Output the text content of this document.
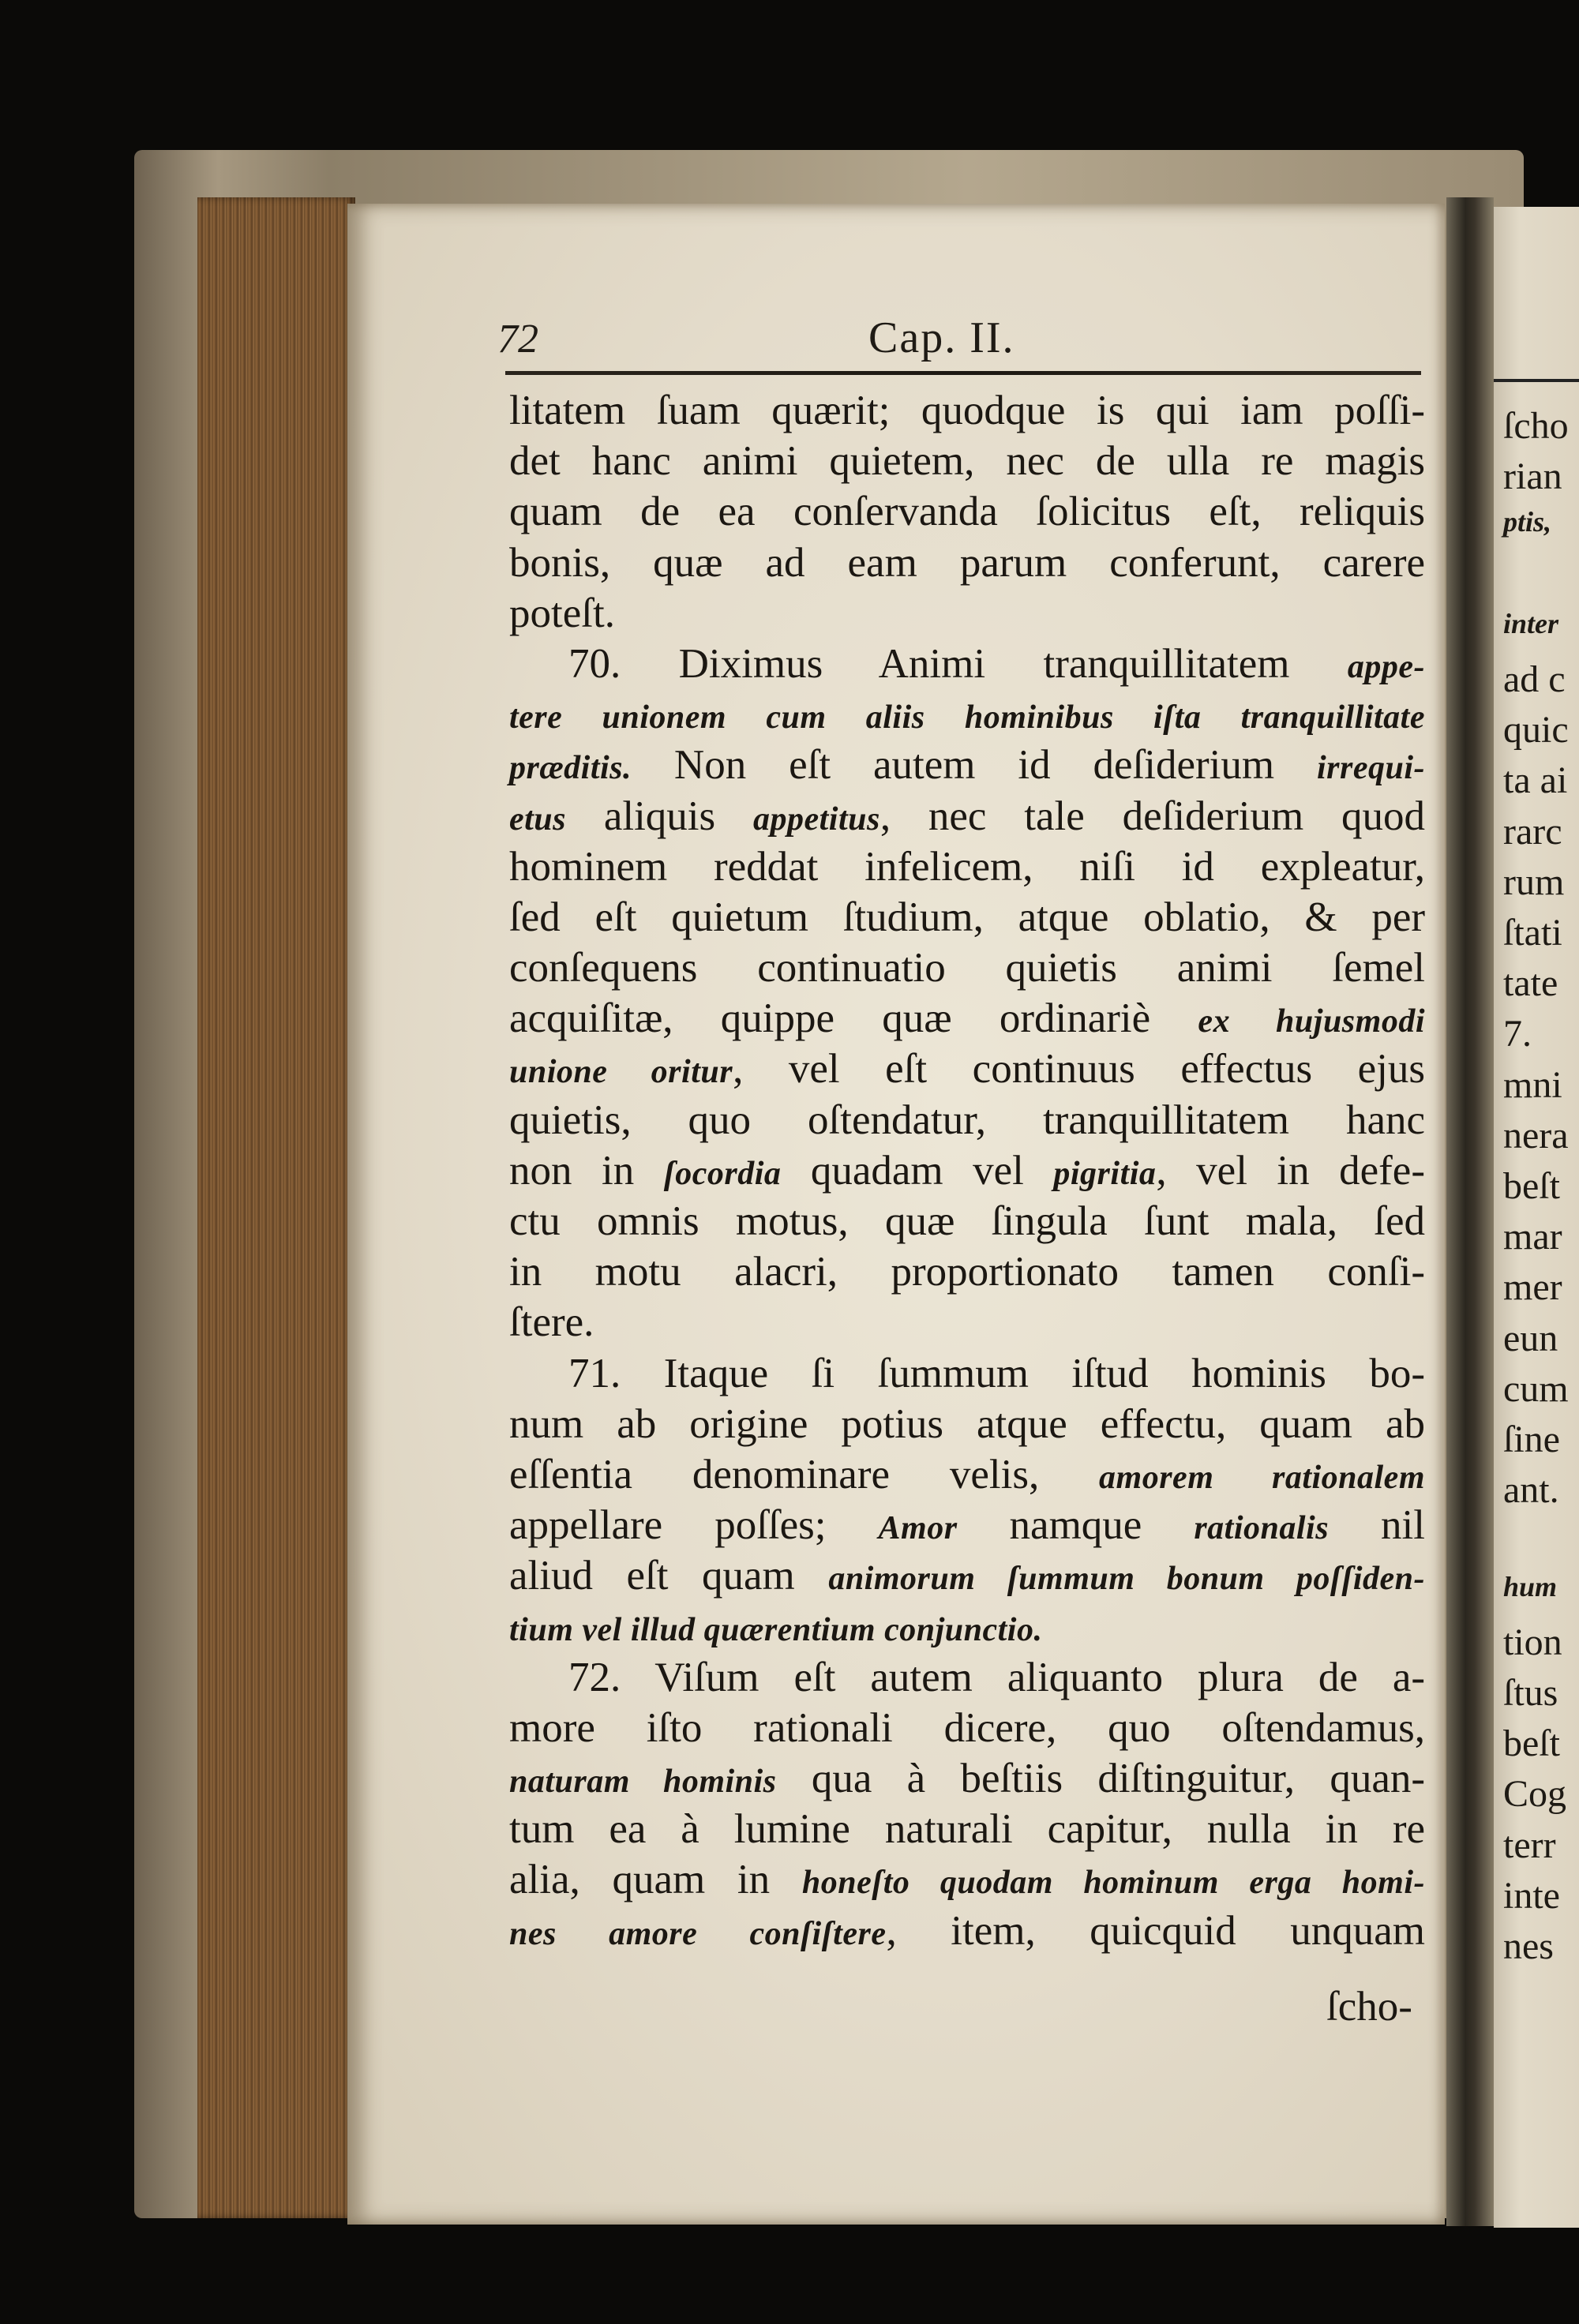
ſcho
rian
ptis,
inter
ad c
quic
ta ai
rarc
rum
ſtati
tate
7.
mni
nera
beſt
mar
mer
eun
cum
ſine
ant.
hum
tion
ſtus
beſt
Cog
terr
inte
nes
72	Cap. II.
litatem ſuam quærit; quodque is qui iam poſſi-
det hanc animi quietem, nec de ulla re magis
quam de ea conſervanda ſolicitus eſt, reliquis
bonis, quæ ad eam parum conferunt, carere
poteſt.
70. Diximus Animi tranquillitatem appe-
tere unionem cum aliis hominibus iſta tranquillitate
præditis. Non eſt autem id deſiderium irrequi-
etus aliquis appetitus, nec tale deſiderium quod
hominem reddat infelicem, niſi id expleatur,
ſed eſt quietum ſtudium, atque oblatio, & per
conſequens continuatio quietis animi ſemel
acquiſitæ, quippe quæ ordinariè ex hujusmodi
unione oritur, vel eſt continuus effectus ejus
quietis, quo oſtendatur, tranquillitatem hanc
non in ſocordia quadam vel pigritia, vel in defe-
ctu omnis motus, quæ ſingula ſunt mala, ſed
in motu alacri, proportionato tamen conſi-
ſtere.
71. Itaque ſi ſummum iſtud hominis bo-
num ab origine potius atque effectu, quam ab
eſſentia denominare velis, amorem rationalem
appellare poſſes; Amor namque rationalis nil
aliud eſt quam animorum ſummum bonum poſſiden-
tium vel illud quærentium conjunctio.
72. Viſum eſt autem aliquanto plura de a-
more iſto rationali dicere, quo oſtendamus,
naturam hominis qua à beſtiis diſtinguitur, quan-
tum ea à lumine naturali capitur, nulla in re
alia, quam in honeſto quodam hominum erga homi-
nes amore conſiſtere, item, quicquid unquam
ſcho-
